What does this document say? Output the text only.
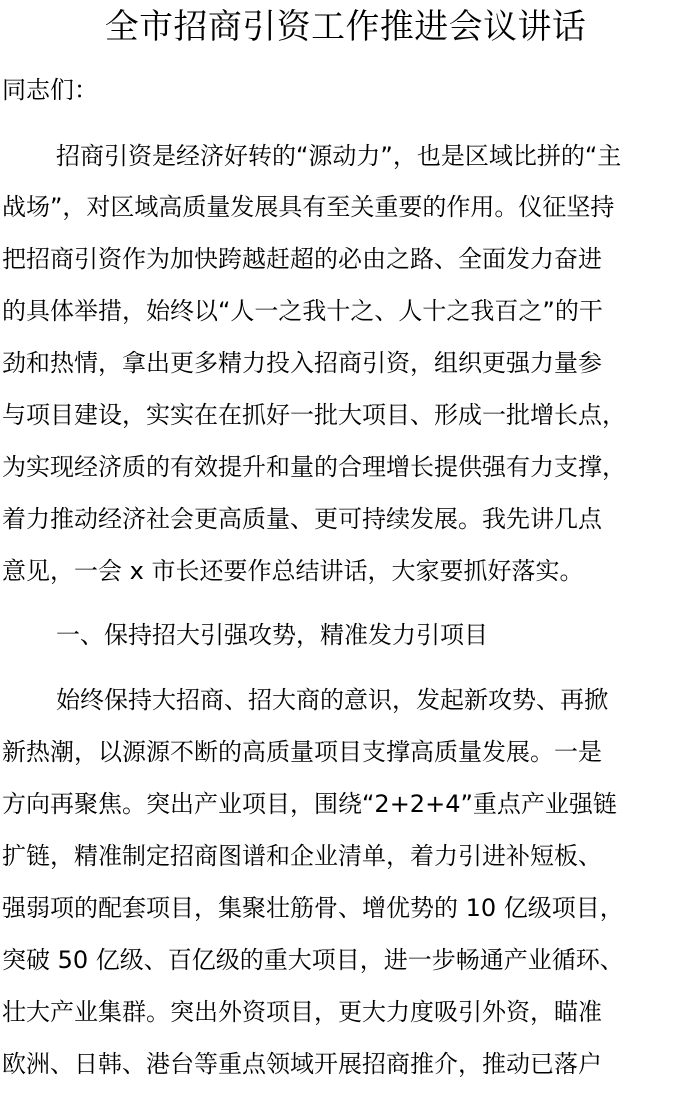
全市招商引资工作推进会议讲话
同志们：
招商引资是经济好转的“源动力”，也是区域比拼的“主
战场”，对区域高质量发展具有至关重要的作用。仪征坚持
把招商引资作为加快跨越赶超的必由之路、全面发力奋进
的具体举措，始终以“人一之我十之、人十之我百之”的干
劲和热情，拿出更多精力投入招商引资，组织更强力量参
与项目建设，实实在在抓好一批大项目、形成一批增长点，
为实现经济质的有效提升和量的合理增长提供强有力支撑，
着力推动经济社会更高质量、更可持续发展。我先讲几点
意见，一会 x 市长还要作总结讲话，大家要抓好落实。
一、保持招大引强攻势，精准发力引项目
始终保持大招商、招大商的意识，发起新攻势、再掀
新热潮，以源源不断的高质量项目支撑高质量发展。一是
方向再聚焦。突出产业项目，围绕“2+2+4”重点产业强链
扩链，精准制定招商图谱和企业清单，着力引进补短板、
强弱项的配套项目，集聚壮筋骨、增优势的 10 亿级项目，
突破 50 亿级、百亿级的重大项目，进一步畅通产业循环、
壮大产业集群。突出外资项目，更大力度吸引外资，瞄准
欧洲、日韩、港台等重点领域开展招商推介，推动已落户
